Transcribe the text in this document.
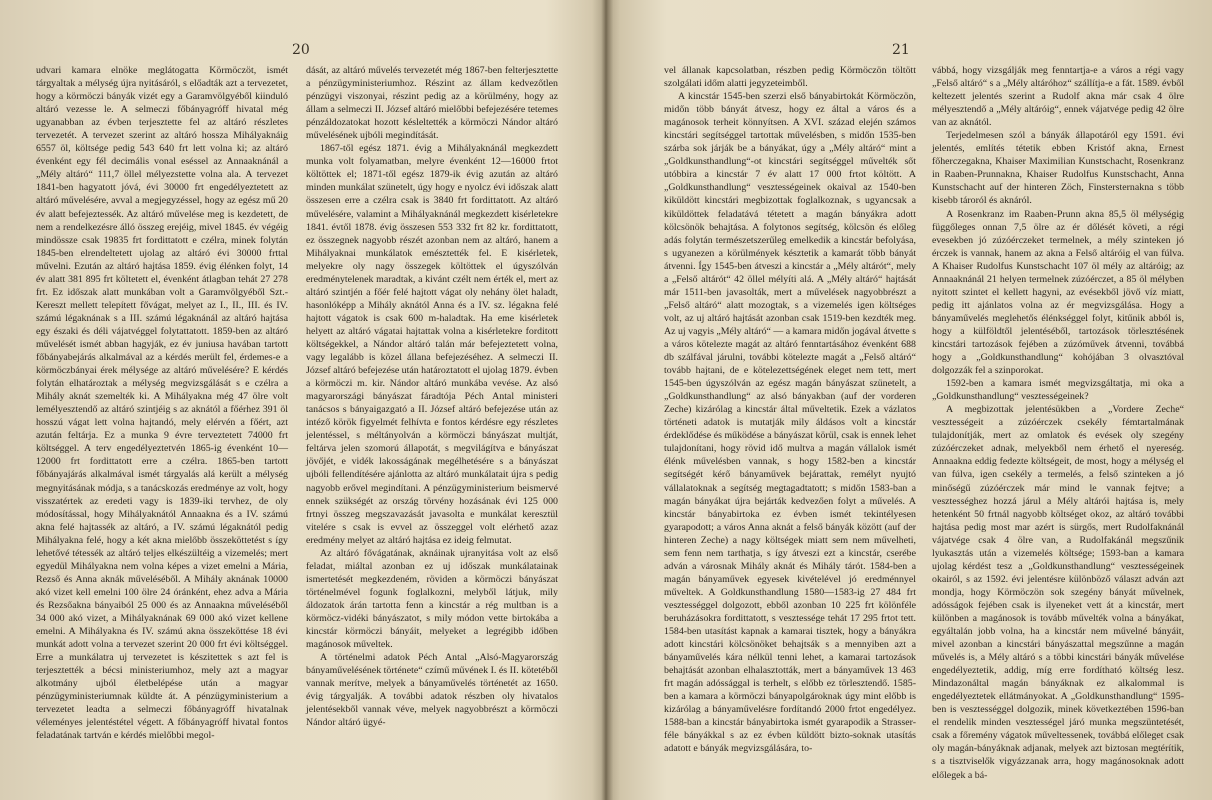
20

udvari kamara elnöke meglátogatta Körmöczöt, ismét tárgyaltak a mélység újra nyitásáról, s előadták azt a tervezetet, hogy a körmöczi bányák vizét egy a Garamvölgyéből kiinduló altáró vezesse le. A selmeczi főbányagróff hivatal még ugyanabban az évben terjesztette fel az altáró részletes tervezetét. A tervezet szerint az altáró hossza Mihályaknáig 6557 öl, költsége pedig 543 640 frt lett volna ki; az altáró évenként egy fél decimális vonal eséssel az Annaaknánál a „Mély altáró“ 111,7 öllel mélyezstette volna ala. A tervezet 1841-ben hagyatott jóvá, évi 30000 frt engedélyeztetett az altáró művelésére, avval a megjegyzéssel, hogy az egész mű 20 év alatt befejeztessék. Az altáró művelése meg is kezdetett, de nem a rendelkezésre álló összeg erejéig, mivel 1845. év végéig mindössze csak 19835 frt fordittatott e czélra, minek folytán 1845-ben elrendeltetett ujolag az altáró évi 30000 frttal művelni. Ezután az altáró hajtása 1859. évig élénken folyt, 14 év alatt 381 895 frt költetett el, évenként átlagban tehát 27 278 frt. Ez időszak alatt munkában volt a Garamvölgyéből Szt.-Kereszt mellett telepített fővágat, melyet az I., II., III. és IV. számú légaknának s a III. számú légaknánál az altáró hajtása egy északi és déli vájatvéggel folytattatott. 1859-ben az altáró művelését ismét abban hagyják, ez év juniusa havában tartott főbányabejárás alkalmával az a kérdés merült fel, érdemes-e a körmöczbányai érek mélysége az altáró művelésére? E kérdés folytán elhatároztak a mélység megvizsgálását s e czélra a Mihály aknát szemelték ki. A Mihályakna még 47 ölre volt lemélyesztendő az altáró szintjéig s az aknától a főérhez 391 öl hosszú vágat lett volna hajtandó, mely elérvén a főért, azt azután feltárja. Ez a munka 9 évre terveztetett 74000 frt költséggel. A terv engedélyeztetvén 1865-ig évenként 10—12000 frt fordittatott erre a czélra. 1865-ben tartott főbányajárás alkalmával ismét tárgyalás alá került a mélység megnyitásának módja, s a tanácskozás eredménye az volt, hogy visszatértek az eredeti vagy is 1839-iki tervhez, de oly módosítással, hogy Mihályaknától Annaakna és a IV. számú akna felé hajtassék az altáró, a IV. számú légaknától pedig Mihályakna felé, hogy a két akna mielőbb összeköttetést s így lehetővé tétessék az altáró teljes elkészültéig a vizemelés; mert egyedül Mihályakna nem volna képes a vizet emelni a Mária, Rezső és Anna aknák műveléséből. A Mihály aknának 10000 akó vizet kell emelni 100 ölre 24 óránként, ehez adva a Mária és Rezsőakna bányaiból 25 000 és az Annaakna műveléséből 34 000 akó vizet, a Mihályaknának 69 000 akó vizet kellene emelni. A Mihályakna és IV. számú akna összeköttése 18 évi munkát adott volna a tervezet szerint 20 000 frt évi költséggel. Erre a munkálatra uj tervezetet is készitettek s azt fel is terjesztették a bécsi ministeriumhoz, mely azt a magyar alkotmány ujból életbelépése után a magyar pénzügyministeriumnak küldte át. A pénzügyministerium a tervezetet leadta a selmeczi főbányagróff hivatalnak véleményes jelentéstétel végett. A főbányagróff hivatal fontos feladatának tartván e kérdés mielőbbi megol-

dását, az altáró művelés tervezetét még 1867-ben felterjesztette a pénzügyministeriumhoz. Részint az állam kedvezőtlen pénzügyi viszonyai, részint pedig az a körülmény, hogy az állam a selmeczi II. József altáró mielőbbi befejezésére tetemes pénzáldozatokat hozott késleltették a körmöczi Nándor altáró művelésének ujbóli megindítását.

1867-től egész 1871. évig a Mihályaknánál megkezdett munka volt folyamatban, melyre évenként 12—16000 frtot költöttek el; 1871-től egész 1879-ik évig azután az altáró minden munkálat szünetelt, úgy hogy e nyolcz évi időszak alatt összesen erre a czélra csak is 3840 frt fordittatott. Az altáró művelésére, valamint a Mihályaknánál megkezdett kisérletekre 1841. évtől 1878. évig összesen 553 332 frt 82 kr. fordittatott, ez összegnek nagyobb részét azonban nem az altáró, hanem a Mihályaknai munkálatok emésztették fel. E kisérletek, melyekre oly nagy összegek költöttek el úgyszólván eredménytelenek maradtak, a kivánt czélt nem érték el, mert az altáró szintjén a főér felé hajtott vágat oly nehány ölet haladt, hasonlóképp a Mihály aknától Anna és a IV. sz. légakna felé hajtott vágatok is csak 600 m-haladtak. Ha eme kisérletek helyett az altáró vágatai hajtattak volna a kisérletekre forditott költségekkel, a Nándor altáró talán már befejeztetett volna, vagy legalább is közel állana befejezéséhez. A selmeczi II. József altáró befejezése után határoztatott el ujolag 1879. évben a körmöczi m. kir. Nándor altáró munkába vevése. Az alsó magyarországi bányászat fáradtója Péch Antal ministeri tanácsos s bányaigazgató a II. József altáró befejezése után az intéző körök figyelmét felhívta e fontos kérdésre egy részletes jelentéssel, s méltányolván a körmöczi bányászat multját, feltárva jelen szomorú állapotát, s megvilágítva e bányászat jövőjét, e vidék lakosságának megélhetésére s a bányászat ujbóli fellendítésére ajánlotta az altáró munkálatait újra s pedig nagyobb erővel megindítani. A pénzügyministerium beismervé ennek szükségét az ország törvény hozásának évi 125 000 frtnyi összeg megszavazását javasolta e munkálat keresztül vitelére s csak is evvel az összeggel volt elérhető azaz eredmény melyet az altáró hajtása ez ideig felmutat.

Az altáró fővágatának, aknáinak ujranyitása volt az első feladat, miáltal azonban ez uj időszak munkálatainak ismertetését megkezdeném, röviden a körmöczi bányászat történelmével fogunk foglalkozni, melyből látjuk, mily áldozatok árán tartotta fenn a kincstár a rég multban is a körmöcz-vidéki bányászatot, s mily módon vette birtokába a kincstár körmöczi bányáit, melyeket a legrégibb időben magánosok műveltek.

A történelmi adatok Péch Antal „Alsó-Magyarország bányaművelésének története“ czímű művének I. és II. kötetéből vannak merítve, melyek a bányaművelés történetét az 1650. évig tárgyalják. A további adatok részben oly hivatalos jelentésekből vannak véve, melyek nagyobbrészt a körmöczi Nándor altáró ügyé-

21

vel állanak kapcsolatban, részben pedig Körmöczön töltött szolgálati időm alatti jegyzeteimből.

A kincstár 1545-ben szerzi első bányabirtokát Körmöczön, midőn több bányát átvesz, hogy ez által a város és a magánosok terheit könnyítsen. A XVI. század elején számos kincstári segítséggel tartottak művelésben, s midőn 1535-ben szárba sok járják be a bányákat, úgy a „Mély altáró“ mint a „Goldkunsthandlung“-ot kincstári segítséggel művelték sőt utóbbira a kincstár 7 év alatt 17 000 frtot költött. A „Goldkunsthandlung“ vesztességeinek okaival az 1540-ben kiküldött kincstári megbizottak foglalkoznak, s ugyancsak a kiküldöttek feladatává tétetett a magán bányákra adott kölcsönök behajtása. A folytonos segítség, kölcsön és előleg adás folytán természetszerűleg emelkedik a kincstár befolyása, s ugyanezen a körülmények késztetik a kamarát több bányát átvenni. Így 1545-ben átveszi a kincstár a „Mély altárót“, mely a „Felső altárót“ 42 öllel mélyíti alá. A „Mély altáró“ hajtását már 1511-ben javasolták, mert a művelések nagyobbrészt a „Felső altáró“ alatt mozogtak, s a vizemelés igen költséges volt, az uj altáró hajtását azonban csak 1519-ben kezdték meg. Az uj vagyis „Mély altáró“ — a kamara midőn jogával átvette s a város kötelezte magát az altáró fenntartásához évenként 688 db szálfával járulni, további kötelezte magát a „Felső altáró“ tovább hajtani, de e kötelezettségének eleget nem tett, mert 1545-ben úgyszólván az egész magán bányászat szünetelt, a „Goldkunsthandlung“ az alsó bányakban (auf der vorderen Zeche) kizárólag a kincstár által műveltetik. Ezek a vázlatos történeti adatok is mutatják mily áldásos volt a kincstár érdeklődése és működése a bányászat körül, csak is ennek lehet tulajdonítani, hogy rövid idő multva a magán vállalok ismét élénk művelésben vannak, s hogy 1582-ben a kincstár segítségét kérő bányaművek bejárattak, remélyt nyujtó vállalatoknak a segítség megtagadtatott; s midőn 1583-ban a magán bányákat újra bejárták kedvezően folyt a művelés. A kincstár bányabirtoka ez évben ismét tekintélyesen gyarapodott; a város Anna aknát a felső bányák között (auf der hinteren Zeche) a nagy költségek miatt sem nem művelheti, sem fenn nem tarthatja, s így átveszi ezt a kincstár, cserébe adván a városnak Mihály aknát és Mihály tárót. 1584-ben a magán bányaművek egyesek kivételével jó eredménnyel műveltek. A Goldkunsthandlung 1580—1583-ig 27 484 frt vesztességgel dolgozott, ebből azonban 10 225 frt kölönféle beruházásokra fordittatott, s vesztessége tehát 17 295 frtot tett. 1584-ben utasítást kapnak a kamarai tisztek, hogy a bányákra adott kincstári kölcsönöket behajtsák s a mennyiben azt a bányaművelés kára nélkül tenni lehet, a kamarai tartozások behajtását azonban elhalasztották, mert a bányaművek 13 463 frt magán adóssággal is terhelt, s előbb ez törlesztendő. 1585-ben a kamara a körmöczi bányapolgároknak úgy mint előbb is kizárólag a bányaművelésre fordítandó 2000 frtot engedélyez. 1588-ban a kincstár bányabirtoka ismét gyarapodik a Strasser-féle bányákkal s az ez évben küldött bizto-soknak utasítás adatott e bányák megvizsgálására, to-

vábbá, hogy vizsgálják meg fenntartja-e a város a régi vagy „Felső altáró“ s a „Mély altáróhoz“ szállítja-e a fát. 1589. évből keltezett jelentés szerint a Rudolf akna már csak 4 ölre mélyesztendő a „Mély altáróig“, ennek vájatvége pedig 42 ölre van az aknától.

Terjedelmesen szól a bányák állapotáról egy 1591. évi jelentés, említés tétetik ebben Kristóf akna, Ernest főherczegakna, Khaiser Maximilian Kunstschacht, Rosenkranz in Raaben-Prunnakna, Khaiser Rudolfus Kunstschacht, Anna Kunstschacht auf der hinteren Zöch, Finstersternakna s több kisebb tároról és aknáról.

A Rosenkranz im Raaben-Prunn akna 85,5 öl mélységig függőleges onnan 7,5 ölre az ér dőlését követi, a régi evesekben jó zúzóérczeket termelnek, a mély szinteken jó érczek is vannak, hanem az akna a Felső altáróig el van fúlva. A Khaiser Rudolfus Kunstschacht 107 öl mély az altáróig; az Annaaknánál 21 helyen termelnek zúzóérczet, a 85 öl mélyben nyitott szintet el kellett hagyni, az evésekből jövő víz miatt, pedig itt ajánlatos volna az ér megvizsgálása. Hogy a bányaművelés meglehetős élénkséggel folyt, kitűnik abból is, hogy a külföldtől jelentéséből, tartozások törlesztésének kincstári tartozások fejében a zúzóművek átvenni, továbbá hogy a „Goldkunsthandlung“ kohójában 3 olvasztóval dolgozzák fel a szinporokat.

1592-ben a kamara ismét megvizsgáltatja, mi oka a „Goldkunsthandlung“ vesztességeinek?

A megbizottak jelentésükben a „Vordere Zeche“ vesztességeit a zúzóérczek csekély fémtartalmának tulajdonítják, mert az omlatok és evések oly szegény zúzóérczeket adnak, melyekből nem érhető el nyereség. Annaakna eddig fedezte költségeit, de most, hogy a mélység el van fúlva, igen csekély a termelés, a felső szinteken a jó minőségű zúzóérczek már mind le vannak fejtve; a vesztességhez hozzá járul a Mély altárói hajtása is, mely hetenként 50 frtnál nagyobb költséget okoz, az altáró további hajtása pedig most mar azért is sürgős, mert Rudolfaknánál vájatvége csak 4 ölre van, a Rudolfakánál megszűnik lyukasztás után a vizemelés költsége; 1593-ban a kamara ujolag kérdést tesz a „Goldkunsthandlung“ vesztességeinek okairól, s az 1592. évi jelentésre különböző választ adván azt mondja, hogy Körmöczön sok szegény bányát művelnek, adósságok fejében csak is ilyeneket vett át a kincstár, mert különben a magánosok is tovább művelték volna a bányákat, egyáltalán jobb volna, ha a kincstár nem művelné bányáit, mivel azonban a kincstári bányászattal megszűnne a magán művelés is, a Mély altáró s a többi kincstári bányák művelése engedélyeztetik, addig, míg erre fordítható költség lesz. Mindazonáltal magán bányáknak ez alkalommal is engedélyeztetek ellátmányokat. A „Goldkunsthandlung“ 1595-ben is vesztességgel dolgozik, minek következtében 1596-ban el rendelik minden vesztességel járó munka megszüntetését, csak a főremény vágatok műveltessenek, továbbá előleget csak oly magán-bányáknak adjanak, melyek azt biztosan megtérítik, s a tisztviselők vigyázzanak arra, hogy magánosoknak adott előlegek a bá-
